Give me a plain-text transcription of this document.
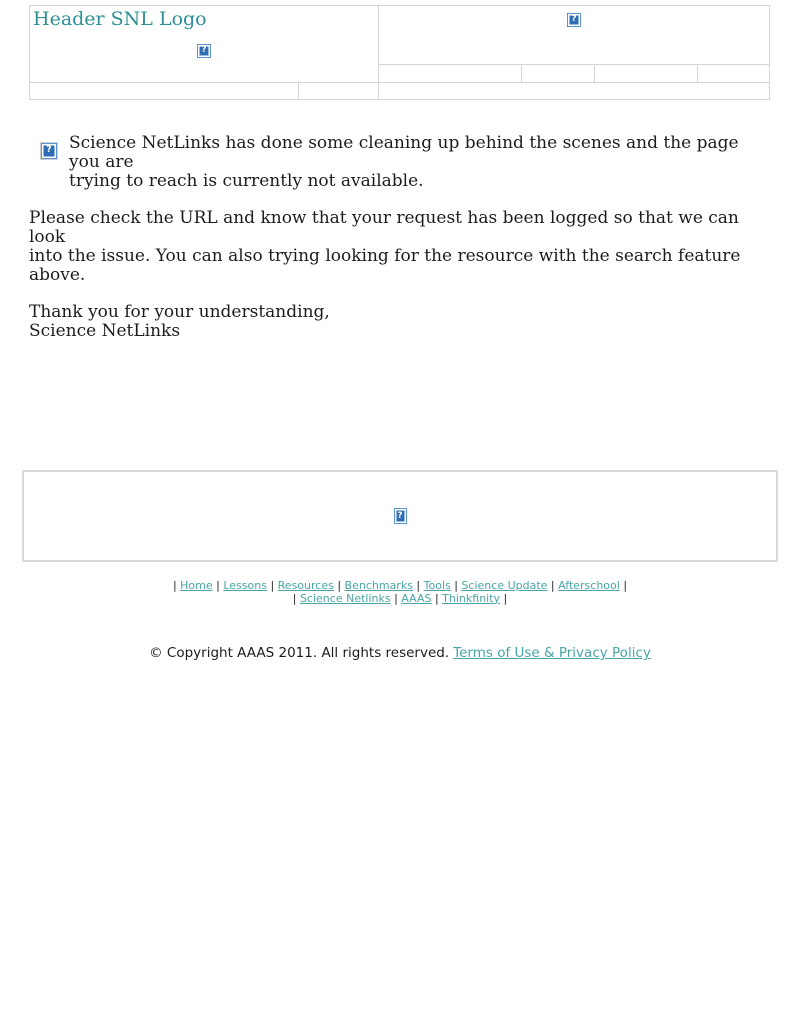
Header SNL Logo
?		?			

? Science NetLinks has done some cleaning up behind the scenes and the page you are
trying to reach is currently not available.

Please check the URL and know that your request has been logged so that we can look
into the issue. You can also trying looking for the resource with the search feature above.

Thank you for your understanding,
Science NetLinks

?
| Home | Lessons | Resources | Benchmarks | Tools | Science Update | Afterschool |
| Science Netlinks | AAAS | Thinkfinity |
© Copyright AAAS 2011. All rights reserved. Terms of Use & Privacy Policy
